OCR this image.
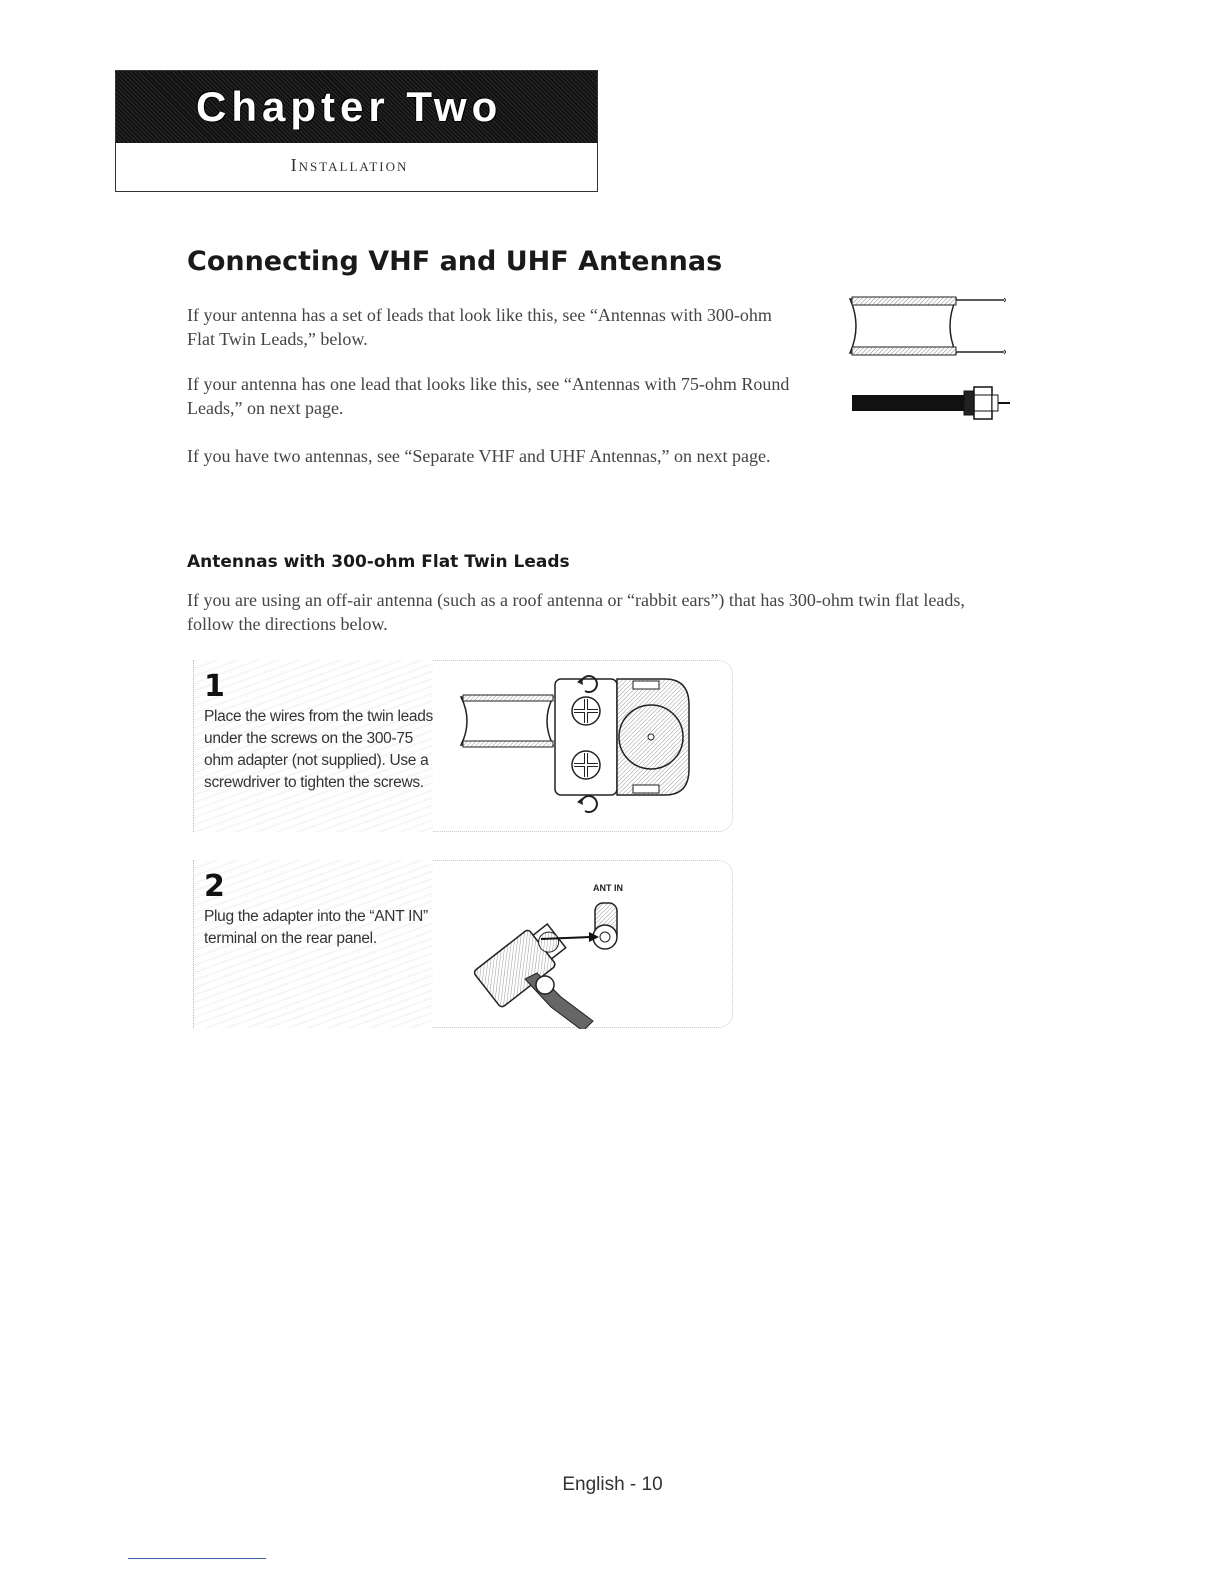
Chapter Two
Installation
Connecting VHF and UHF Antennas

If your antenna has a set of leads that look like this, see “Antennas with 300-ohm Flat Twin Leads,” below.

If your antenna has one lead that looks like this, see “Antennas with 75-ohm Round Leads,” on next page.

If you have two antennas, see “Separate VHF and UHF Antennas,” on next page.

Antennas with 300-ohm Flat Twin Leads

If you are using an off-air antenna (such as a roof antenna or “rabbit ears”) that has 300-ohm twin flat leads, follow the directions below.

1
Place the wires from the twin leads under the screws on the 300-75 ohm adapter (not supplied). Use a screwdriver to tighten the screws.
2
Plug the adapter into the “ANT IN” terminal on the rear panel.
ANT IN
English - 10
